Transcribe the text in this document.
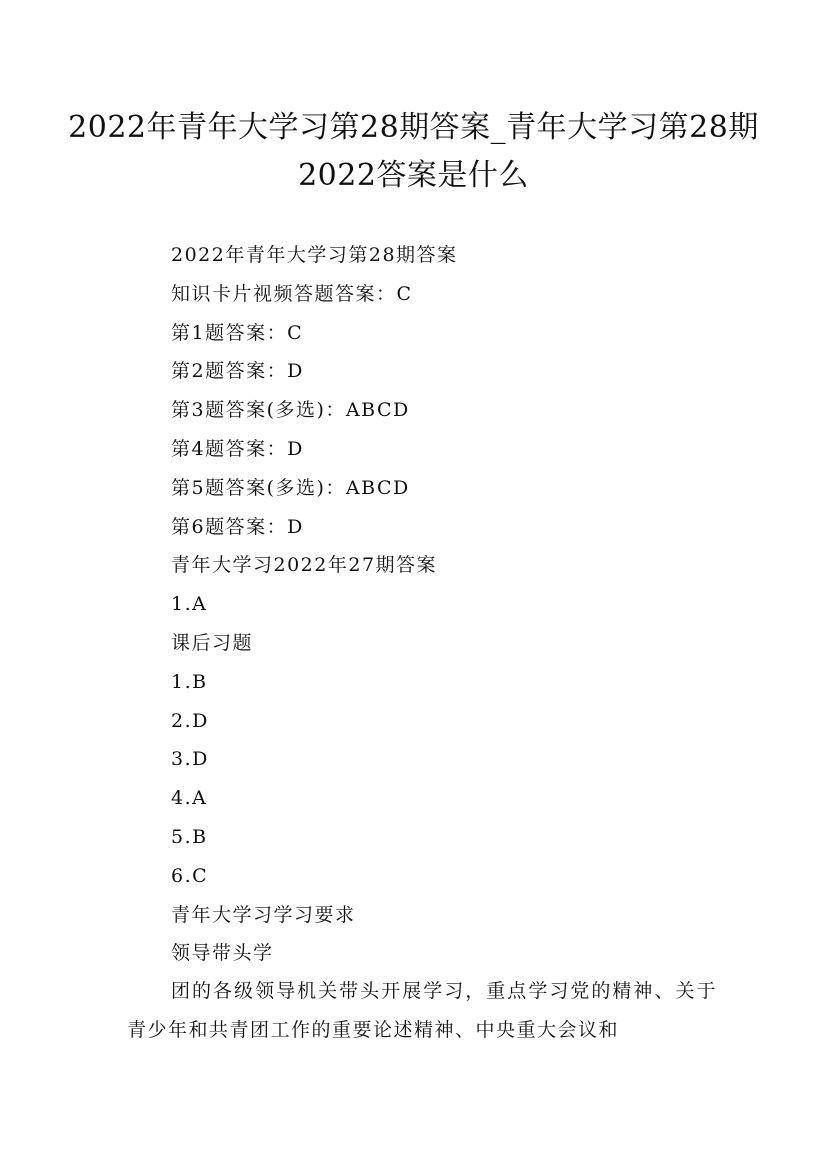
2022年青年大学习第28期答案_青年大学习第28期2022答案是什么
2022年青年大学习第28期答案
知识卡片视频答题答案：C
第1题答案：C
第2题答案：D
第3题答案(多选)：ABCD
第4题答案：D
第5题答案(多选)：ABCD
第6题答案：D
青年大学习2022年27期答案
1.A
课后习题
1.B
2.D
3.D
4.A
5.B
6.C
青年大学习学习要求
领导带头学

团的各级领导机关带头开展学习，重点学习党的精神、关于青少年和共青团工作的重要论述精神、中央重大会议和
